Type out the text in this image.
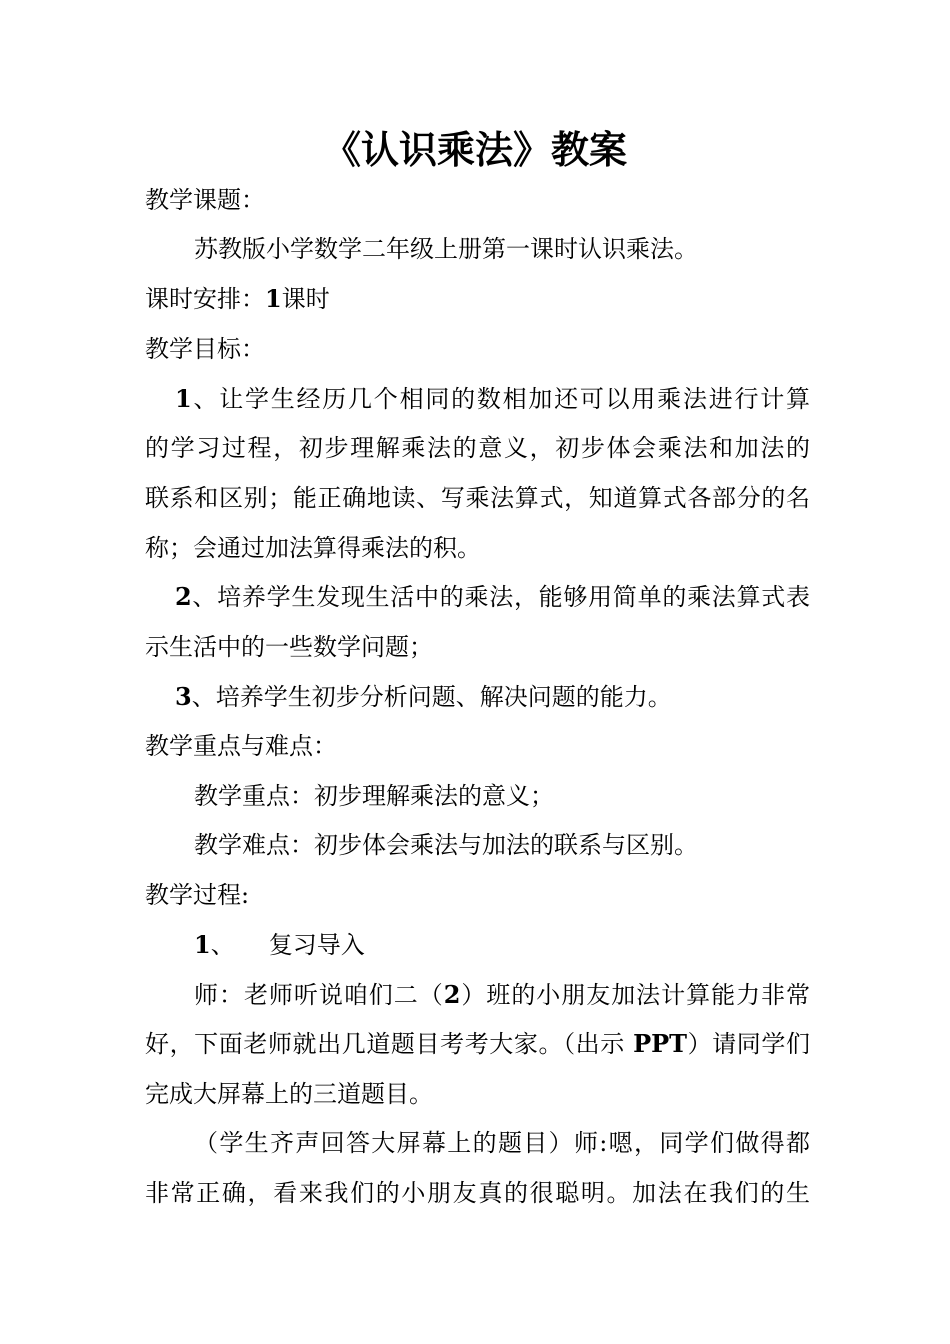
《认识乘法》教案

教学课题：

苏教版小学数学二年级上册第一课时认识乘法。

课时安排：1课时

教学目标：

1、让学生经历几个相同的数相加还可以用乘法进行计算

的学习过程，初步理解乘法的意义，初步体会乘法和加法的

联系和区别；能正确地读、写乘法算式，知道算式各部分的名

称；会通过加法算得乘法的积。

2、培养学生发现生活中的乘法，能够用简单的乘法算式表

示生活中的一些数学问题；

3、培养学生初步分析问题、解决问题的能力。

教学重点与难点：

教学重点：初步理解乘法的意义；

教学难点：初步体会乘法与加法的联系与区别。

教学过程:

1、 复习导入

师：老师听说咱们二（2）班的小朋友加法计算能力非常

好，下面老师就出几道题目考考大家。（出示 PPT）请同学们

完成大屏幕上的三道题目。

（学生齐声回答大屏幕上的题目）师:嗯，同学们做得都

非常正确，看来我们的小朋友真的很聪明。加法在我们的生
